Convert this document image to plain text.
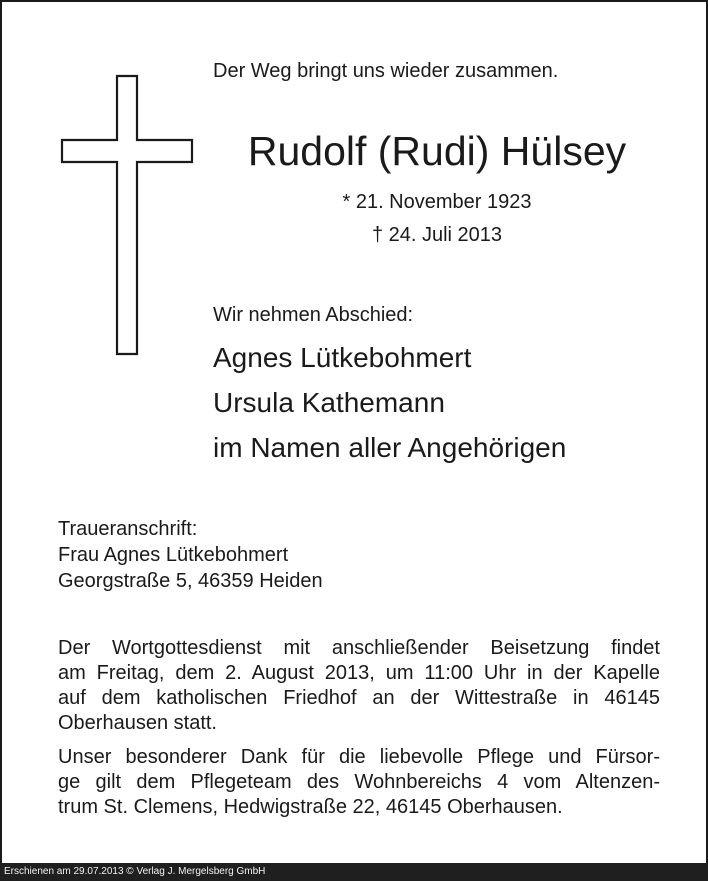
Der Weg bringt uns wieder zusammen.
Rudolf (Rudi) Hülsey
* 21. November 1923
† 24. Juli 2013
Wir nehmen Abschied:
Agnes Lütkebohmert
Ursula Kathemann
im Namen aller Angehörigen
Traueranschrift:
Frau Agnes Lütkebohmert
Georgstraße 5, 46359 Heiden
Der Wortgottesdienst mit anschließender Beisetzung findet
am Freitag, dem 2. August 2013, um 11:00 Uhr in der Kapelle
auf dem katholischen Friedhof an der Wittestraße in 46145
Oberhausen statt.
Unser besonderer Dank für die liebevolle Pflege und Fürsor-
ge gilt dem Pflegeteam des Wohnbereichs 4 vom Altenzen-
trum St. Clemens, Hedwigstraße 22, 46145 Oberhausen.
Erschienen am 29.07.2013 © Verlag J. Mergelsberg GmbH
